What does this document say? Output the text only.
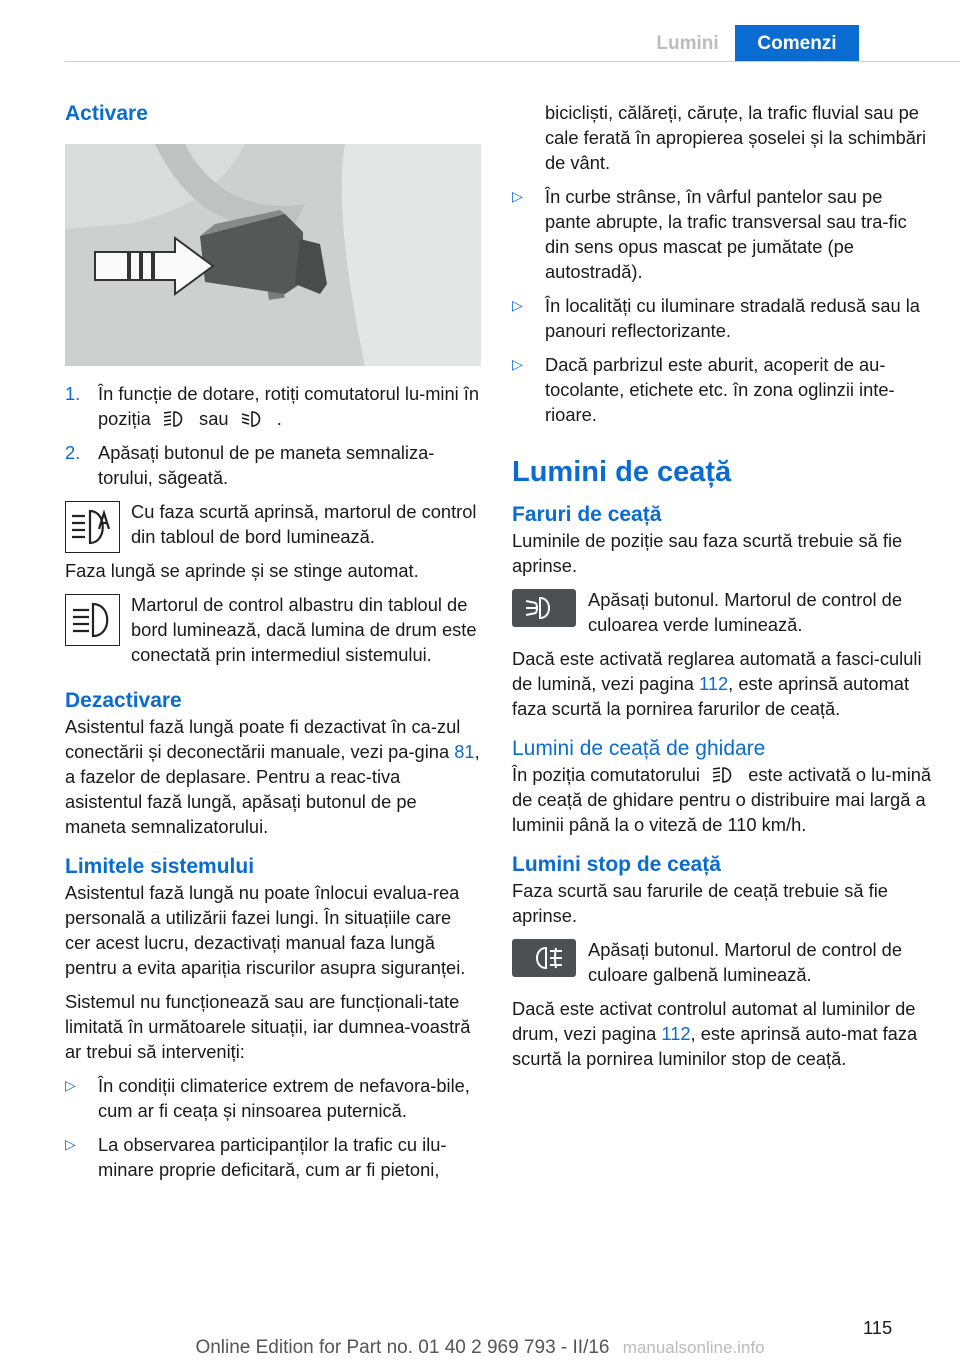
Lumini	Comenzi
Activare
1. În funcție de dotare, rotiți comutatorul lu-mini în poziția	sau	.
2. Apăsați butonul de pe maneta semnaliza-torului, săgeată.

Cu faza scurtă aprinsă, martorul de control din tabloul de bord luminează.

Faza lungă se aprinde și se stinge automat.

Martorul de control albastru din tabloul de bord luminează, dacă lumina de drum este conectată prin intermediul sistemului.

Dezactivare

Asistentul fază lungă poate fi dezactivat în ca-zul conectării și deconectării manuale, vezi pa-gina 81, a fazelor de deplasare. Pentru a reac-tiva asistentul fază lungă, apăsați butonul de pe maneta semnalizatorului.

Limitele sistemului

Asistentul fază lungă nu poate înlocui evalua-rea personală a utilizării fazei lungi. În situațiile care cer acest lucru, dezactivați manual faza lungă pentru a evita apariția riscurilor asupra siguranței.

Sistemul nu funcționează sau are funcționali-tate limitată în următoarele situații, iar dumnea-voastră ar trebui să interveniți:

▷	În condiții climaterice extrem de nefavora-bile, cum ar fi ceața și ninsoarea puternică.
▷	La observarea participanților la trafic cu ilu-minare proprie deficitară, cum ar fi pietoni,

bicicliști, călăreți, căruțe, la trafic fluvial sau pe cale ferată în apropierea șoselei și la schimbări de vânt.

▷	În curbe strânse, în vârful pantelor sau pe pante abrupte, la trafic transversal sau tra-fic din sens opus mascat pe jumătate (pe autostradă).
▷	În localități cu iluminare stradală redusă sau la panouri reflectorizante.
▷	Dacă parbrizul este aburit, acoperit de au-tocolante, etichete etc. în zona oglinzii inte-rioare.
Lumini de ceață
Faruri de ceață

Luminile de poziție sau faza scurtă trebuie să fie aprinse.

Apăsați butonul. Martorul de control de culoarea verde luminează.

Dacă este activată reglarea automată a fasci-cululi de lumină, vezi pagina 112, este aprinsă automat faza scurtă la pornirea farurilor de ceață.

Lumini de ceață de ghidare

În poziția comutatorului	este activată o lu-mină de ceață de ghidare pentru o distribuire mai largă a luminii până la o viteză de 110 km/h.

Lumini stop de ceață

Faza scurtă sau farurile de ceață trebuie să fie aprinse.

Apăsați butonul. Martorul de control de culoare galbenă luminează.

Dacă este activat controlul automat al luminilor de drum, vezi pagina 112, este aprinsă auto-mat faza scurtă la pornirea luminilor stop de ceață.

115
Online Edition for Part no. 01 40 2 969 793 - II/16 manualsonline.info
